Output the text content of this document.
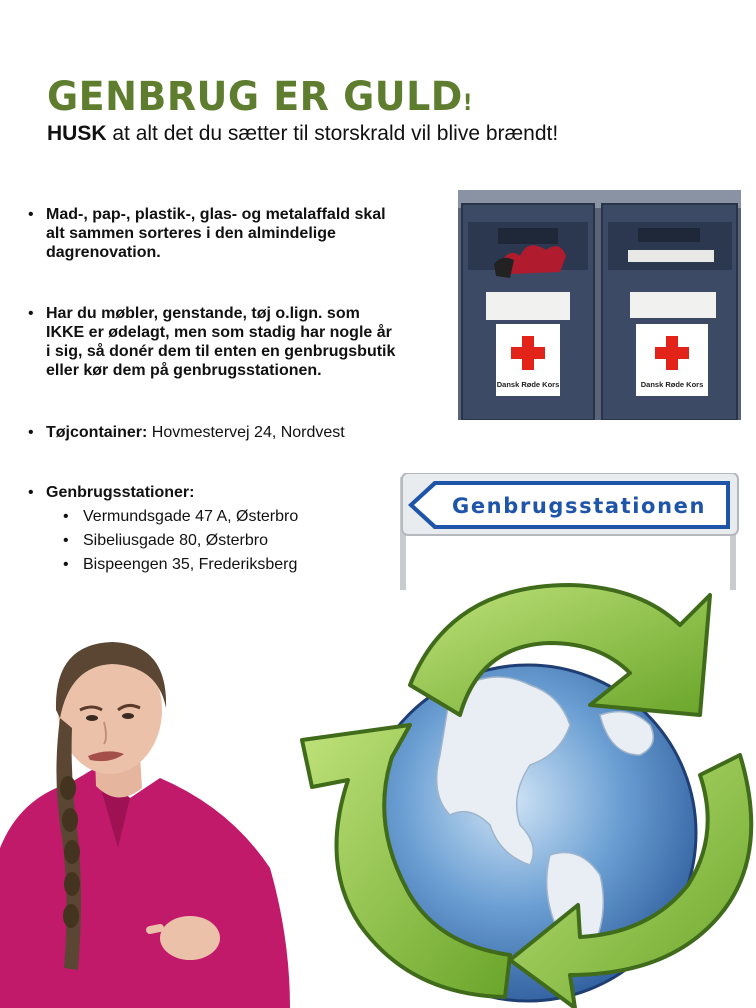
GENBRUG ER GULD!

HUSK at alt det du sætter til storskrald vil blive brændt!

• Mad-, pap-, plastik-, glas- og metalaffald skal
alt sammen sorteres i den almindelige
dagrenovation.
• Har du møbler, genstande, tøj o.lign. som
IKKE er ødelagt, men som stadig har nogle år
i sig, så donér dem til enten en genbrugsbutik
eller kør dem på genbrugsstationen.
• Tøjcontainer: Hovmestervej 24, Nordvest
• Genbrugsstationer:
• Vermundsgade 47 A, Østerbro
• Sibeliusgade 80, Østerbro
• Bispeengen 35, Frederiksberg
Dansk Røde Kors	Dansk Røde Kors
Genbrugsstationen
